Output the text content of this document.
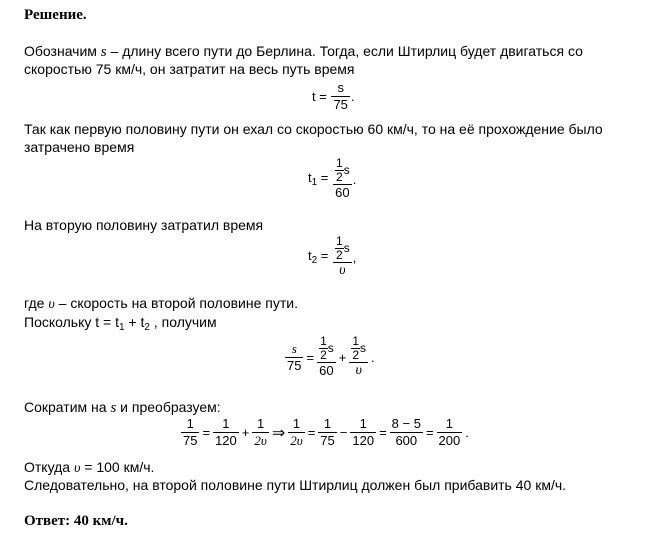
Решение.
Обозначим s – длину всего пути до Берлина. Тогда, если Штирлиц будет двигаться со
скоростью 75 км/ч, он затратит на весь путь время
$t = \frac{s}{75}$ .
Так как первую половину пути он ехал со скоростью 60 км/ч, то на её прохождение было
затрачено время
$t_1 = \frac{\frac{1}{2} s}{60}$ .
На вторую половину затратил время
$t_2 = \frac{\frac{1}{2} s}{\upsilon}$ ,
где υ – скорость на второй половине пути.
Поскольку $t = t_1 + t_2$ , получим
$\frac{s}{75} = \frac{\frac{1}{2} s}{60} + \frac{\frac{1}{2} s}{\upsilon}$ .
Сократим на s и преобразуем:
$\frac{1}{75} = \frac{1}{120} + \frac{1}{2\upsilon}$ ⇒ $\frac{1}{2\upsilon} = \frac{1}{75} - \frac{1}{120} = \frac{8 - 5}{600} = \frac{1}{200}$ .
Откуда υ = 100 км/ч.
Следовательно, на второй половине пути Штирлиц должен был прибавить 40 км/ч.
Ответ: 40 км/ч.
